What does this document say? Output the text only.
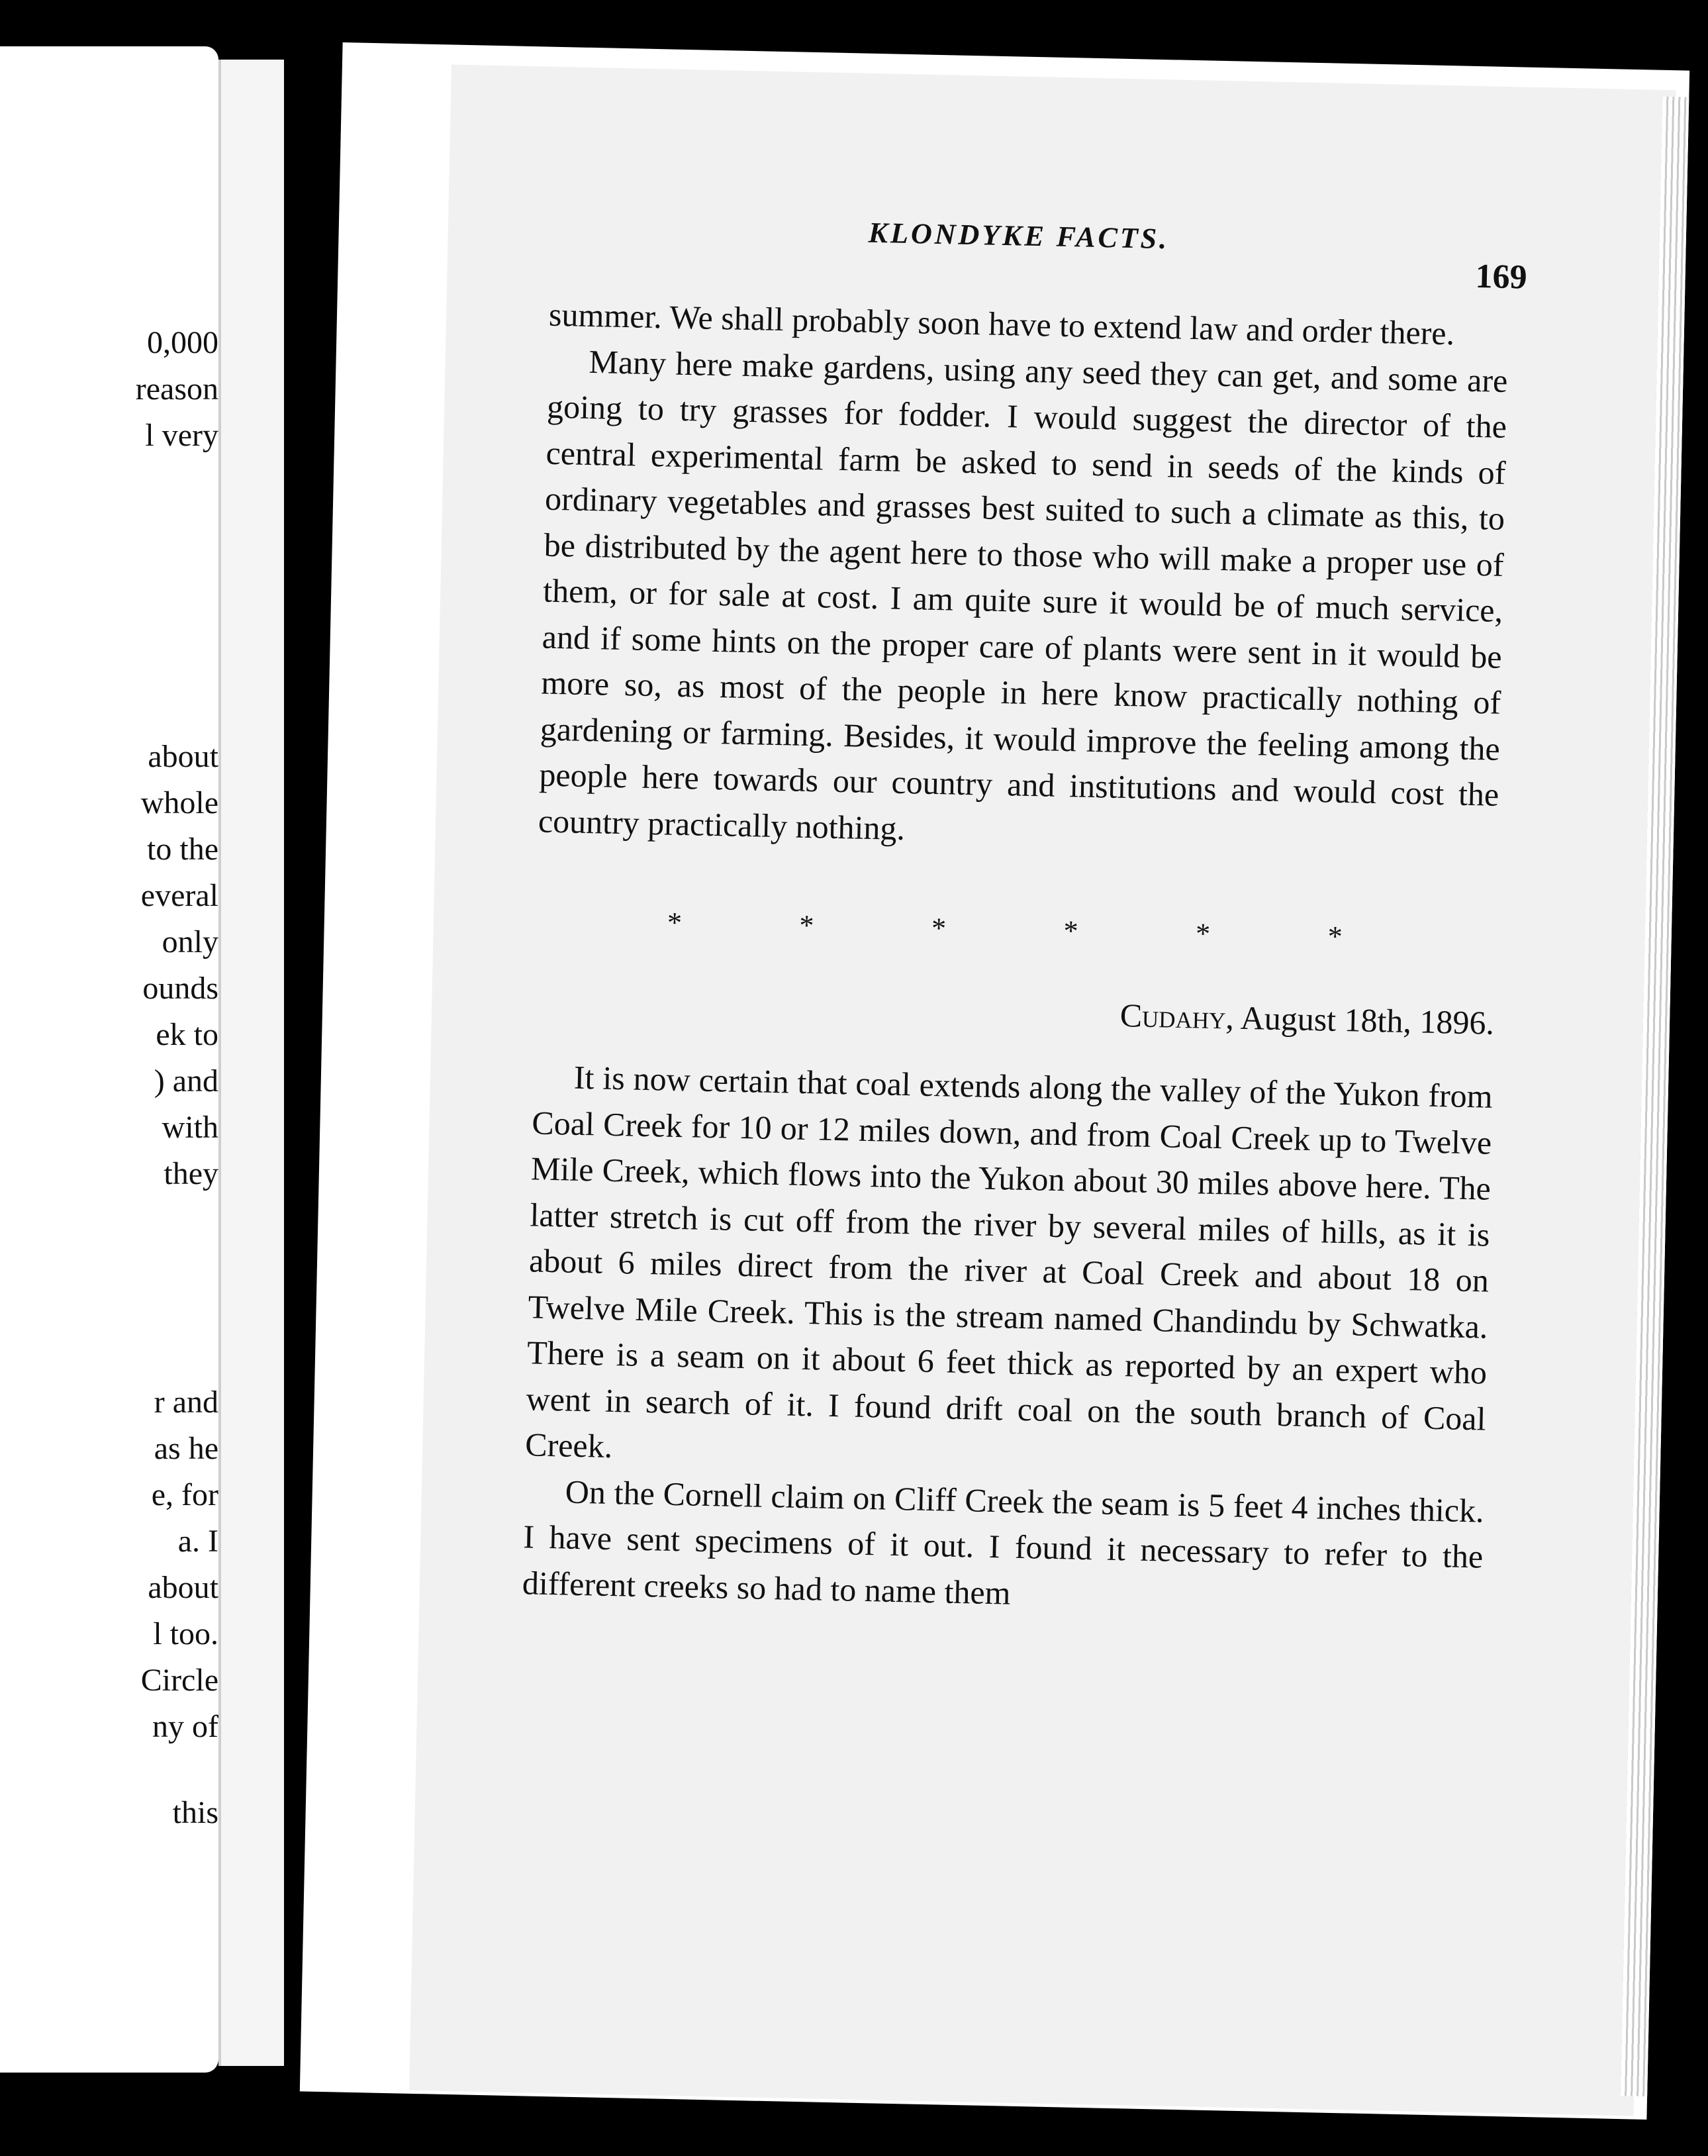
0,000
reason
l very
about
whole
to the
everal
only
ounds
ek to
) and
with
they
r and
as he
e, for
a. I
about
l too.
Circle
ny of
this
KLONDYKE FACTS.
169

summer. We shall probably soon have to extend law and order there.

Many here make gardens, using any seed they can get, and some are going to try grasses for fodder. I would suggest the director of the central experimental farm be asked to send in seeds of the kinds of ordinary vegetables and grasses best suited to such a climate as this, to be distributed by the agent here to those who will make a proper use of them, or for sale at cost. I am quite sure it would be of much service, and if some hints on the proper care of plants were sent in it would be more so, as most of the people in here know practically nothing of gardening or farming. Besides, it would improve the feeling among the people here towards our country and institutions and would cost the country practically nothing.

*	*	*	*	*	*
Cudahy, August 18th, 1896.

It is now certain that coal extends along the valley of the Yukon from Coal Creek for 10 or 12 miles down, and from Coal Creek up to Twelve Mile Creek, which flows into the Yukon about 30 miles above here. The latter stretch is cut off from the river by several miles of hills, as it is about 6 miles direct from the river at Coal Creek and about 18 on Twelve Mile Creek. This is the stream named Chandindu by Schwatka. There is a seam on it about 6 feet thick as reported by an expert who went in search of it. I found drift coal on the south branch of Coal Creek.

On the Cornell claim on Cliff Creek the seam is 5 feet 4 inches thick. I have sent specimens of it out. I found it necessary to refer to the different creeks so had to name them
